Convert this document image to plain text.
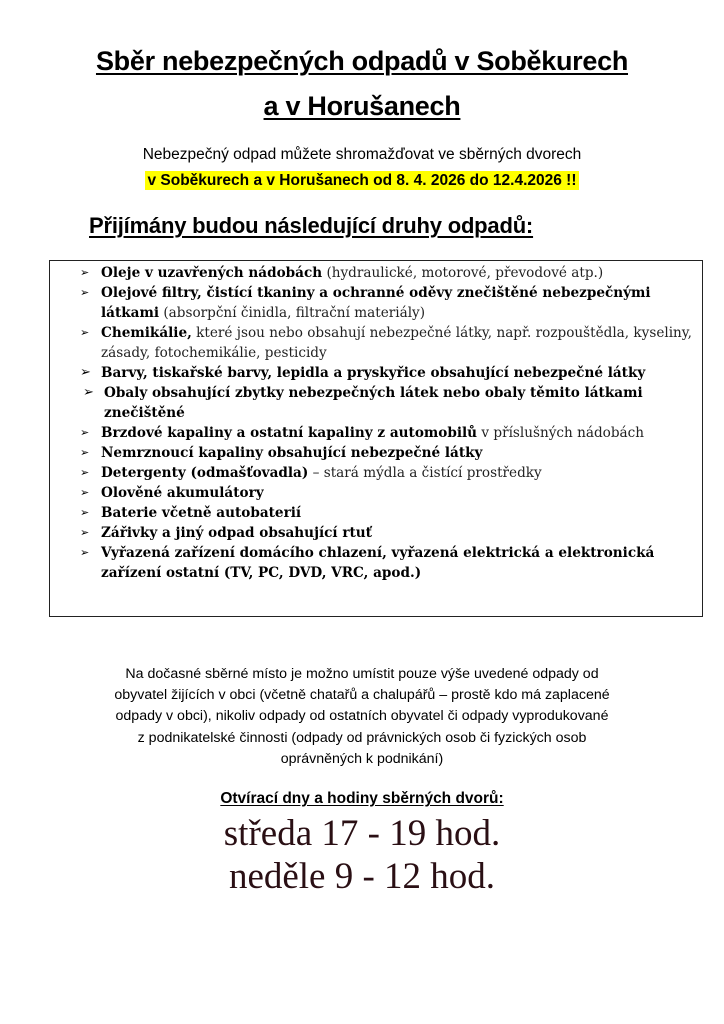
Sběr nebezpečných odpadů v Soběkurech
a v Horušanech
Nebezpečný odpad můžete shromažďovat ve sběrných dvorech
v Soběkurech a v Horušanech od 8. 4. 2026 do 12.4.2026 !!
Přijímány budou následující druhy odpadů:
➢ Oleje v uzavřených nádobách (hydraulické, motorové, převodové atp.)
➢ Olejové filtry, čistící tkaniny a ochranné oděvy znečištěné nebezpečnými látkami (absorpční činidla, filtrační materiály)
➢ Chemikálie, které jsou nebo obsahují nebezpečné látky, např. rozpouštědla, kyseliny, zásady, fotochemikálie, pesticidy
➢ Barvy, tiskařské barvy, lepidla a pryskyřice obsahující nebezpečné látky
➢ Obaly obsahující zbytky nebezpečných látek nebo obaly těmito látkami znečištěné
➢ Brzdové kapaliny a ostatní kapaliny z automobilů v příslušných nádobách
➢ Nemrznoucí kapaliny obsahující nebezpečné látky
➢ Detergenty (odmašťovadla) – stará mýdla a čistící prostředky
➢ Olověné akumulátory
➢ Baterie včetně autobaterií
➢ Zářivky a jiný odpad obsahující rtuť
➢ Vyřazená zařízení domácího chlazení, vyřazená elektrická a elektronická zařízení ostatní (TV, PC, DVD, VRC, apod.)
Na dočasné sběrné místo je možno umístit pouze výše uvedené odpady od
obyvatel žijících v obci (včetně chatařů a chalupářů – prostě kdo má zaplacené
odpady v obci), nikoliv odpady od ostatních obyvatel či odpady vyprodukované
z podnikatelské činnosti (odpady od právnických osob či fyzických osob
oprávněných k podnikání)
Otvírací dny a hodiny sběrných dvorů:
středa 17 - 19 hod.
neděle 9 - 12 hod.
